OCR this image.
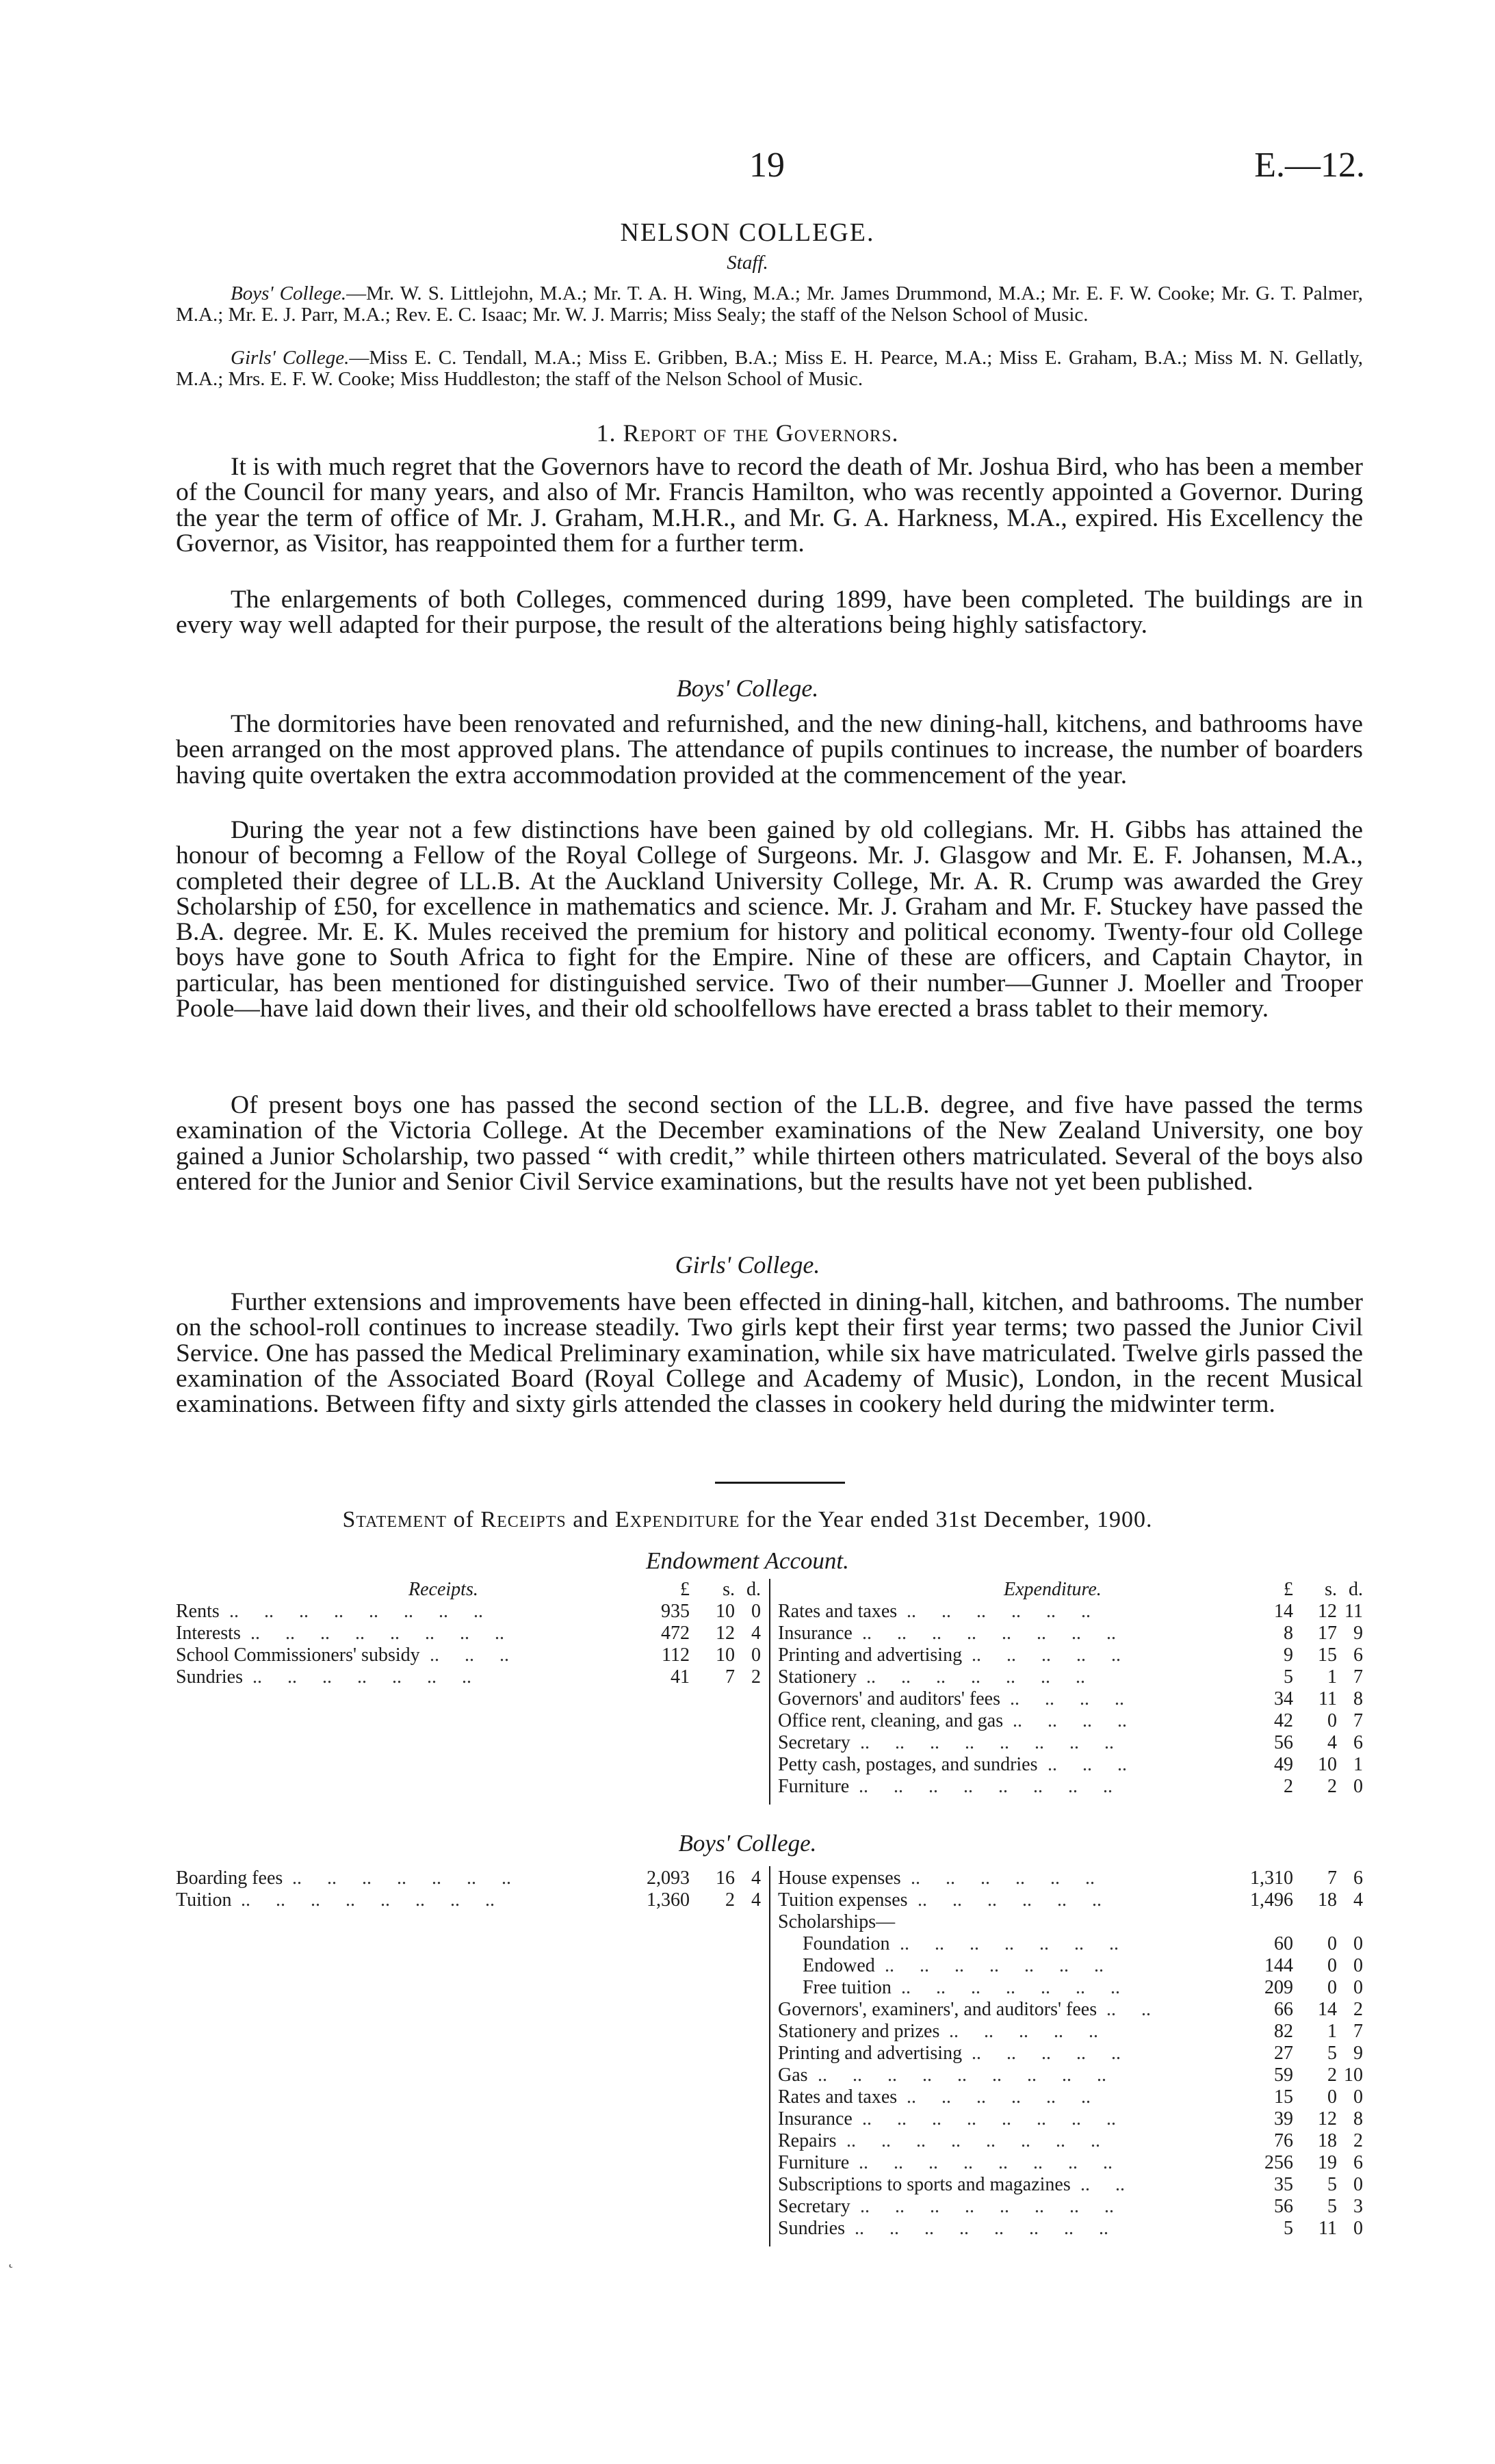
19	E.—12.
NELSON COLLEGE.
Staff.
Boys' College.—Mr. W. S. Littlejohn, M.A.; Mr. T. A. H. Wing, M.A.; Mr. James Drummond, M.A.; Mr. E. F. W. Cooke; Mr. G. T. Palmer, M.A.; Mr. E. J. Parr, M.A.; Rev. E. C. Isaac; Mr. W. J. Marris; Miss Sealy; the staff of the Nelson School of Music.
Girls' College.—Miss E. C. Tendall, M.A.; Miss E. Gribben, B.A.; Miss E. H. Pearce, M.A.; Miss E. Graham, B.A.; Miss M. N. Gellatly, M.A.; Mrs. E. F. W. Cooke; Miss Huddleston; the staff of the Nelson School of Music.
1. Report of the Governors.
It is with much regret that the Governors have to record the death of Mr. Joshua Bird, who has been a member of the Council for many years, and also of Mr. Francis Hamilton, who was recently appointed a Governor. During the year the term of office of Mr. J. Graham, M.H.R., and Mr. G. A. Harkness, M.A., expired. His Excellency the Governor, as Visitor, has reappointed them for a further term.
The enlargements of both Colleges, commenced during 1899, have been completed. The buildings are in every way well adapted for their purpose, the result of the alterations being highly satisfactory.
Boys' College.
The dormitories have been renovated and refurnished, and the new dining-hall, kitchens, and bathrooms have been arranged on the most approved plans. The attendance of pupils continues to increase, the number of boarders having quite overtaken the extra accommodation provided at the commencement of the year.
During the year not a few distinctions have been gained by old collegians. Mr. H. Gibbs has attained the honour of becomng a Fellow of the Royal College of Surgeons. Mr. J. Glasgow and Mr. E. F. Johansen, M.A., completed their degree of LL.B. At the Auckland University College, Mr. A. R. Crump was awarded the Grey Scholarship of £50, for excellence in mathematics and science. Mr. J. Graham and Mr. F. Stuckey have passed the B.A. degree. Mr. E. K. Mules received the premium for history and political economy. Twenty-four old College boys have gone to South Africa to fight for the Empire. Nine of these are officers, and Captain Chaytor, in particular, has been mentioned for distinguished service. Two of their number—Gunner J. Moeller and Trooper Poole—have laid down their lives, and their old schoolfellows have erected a brass tablet to their memory.
Of present boys one has passed the second section of the LL.B. degree, and five have passed the terms examination of the Victoria College. At the December examinations of the New Zealand University, one boy gained a Junior Scholarship, two passed “ with credit,” while thirteen others matriculated. Several of the boys also entered for the Junior and Senior Civil Service examinations, but the results have not yet been published.
Girls' College.
Further extensions and improvements have been effected in dining-hall, kitchen, and bathrooms. The number on the school-roll continues to increase steadily. Two girls kept their first year terms; two passed the Junior Civil Service. One has passed the Medical Preliminary examination, while six have matriculated. Twelve girls passed the examination of the Associated Board (Royal College and Academy of Music), London, in the recent Musical examinations. Between fifty and sixty girls attended the classes in cookery held during the midwinter term.
Statement of Receipts and Expenditure for the Year ended 31st December, 1900.
Endowment Account.
Receipts.	£	s. d.	Expenditure.	£	s. d.
Rents	935	10 0
.. .. .. .. .. .. .. ..
Interests	472	12 4
.. .. .. .. .. .. .. ..
School Commissioners' subsidy	112	10 0
.. .. ..
Sundries	41	7 2
.. .. .. .. .. .. ..
Rates and taxes	14	12 11
.. .. .. .. .. ..
Insurance	8	17 9
.. .. .. .. .. .. .. ..
Printing and advertising	9	15 6
.. .. .. .. ..
Stationery	5	1 7
.. .. .. .. .. .. ..
Governors' and auditors' fees	34	11 8
.. .. .. ..
Office rent, cleaning, and gas	42	0 7
.. .. .. ..
Secretary	56	4 6
.. .. .. .. .. .. .. ..
Petty cash, postages, and sundries	49	10 1
.. .. ..
Furniture	2	2 0
.. .. .. .. .. .. .. ..
Boys' College.
Boarding fees	2,093	16 4
.. .. .. .. .. .. ..
Tuition	1,360	2 4
.. .. .. .. .. .. .. ..
House expenses	1,310	7 6
.. .. .. .. .. ..
Tuition expenses	1,496	18 4
.. .. .. .. .. ..
Scholarships—
Foundation	60	0 0
.. .. .. .. .. .. ..
Endowed	144	0 0
.. .. .. .. .. .. ..
Free tuition	209	0 0
.. .. .. .. .. .. ..
Governors', examiners', and auditors' fees	66	14 2
.. ..
Stationery and prizes	82	1 7
.. .. .. .. ..
Printing and advertising	27	5 9
.. .. .. .. ..
Gas	59	2 10
.. .. .. .. .. .. .. .. ..
Rates and taxes	15	0 0
.. .. .. .. .. ..
Insurance	39	12 8
.. .. .. .. .. .. .. ..
Repairs	76	18 2
.. .. .. .. .. .. .. ..
Furniture	256	19 6
.. .. .. .. .. .. .. ..
Subscriptions to sports and magazines	35	5 0
.. ..
Secretary	56	5 3
.. .. .. .. .. .. .. ..
Sundries	5	11 0
.. .. .. .. .. .. .. ..
˛
